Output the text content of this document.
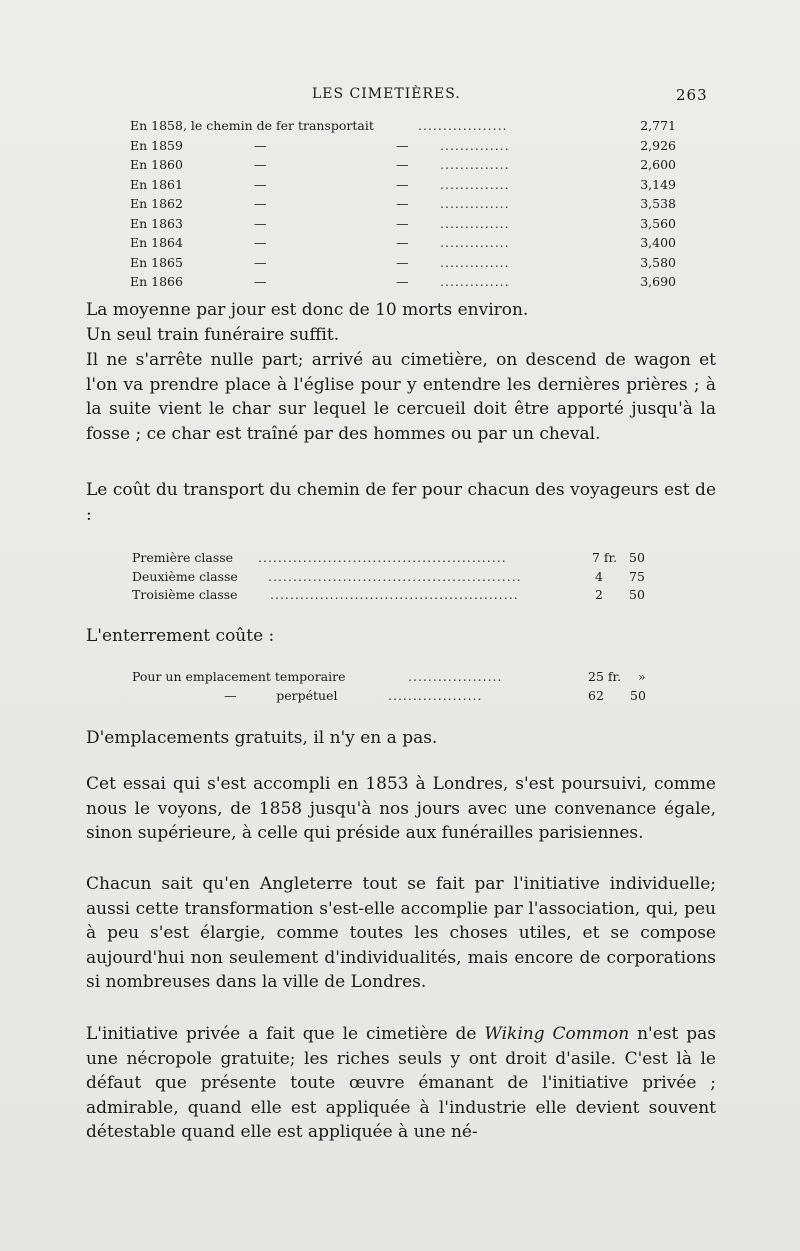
LES CIMETIÈRES.	263
En 1858, le chemin de fer transportait	..................	2,771
En 1859	—	—	..............	2,926
En 1860	—	—	..............	2,600
En 1861	—	—	..............	3,149
En 1862	—	—	..............	3,538
En 1863	—	—	..............	3,560
En 1864	—	—	..............	3,400
En 1865	—	—	..............	3,580
En 1866	—	—	..............	3,690
La moyenne par jour est donc de 10 morts environ.
Un seul train funéraire suffit.
Il ne s'arrête nulle part; arrivé au cimetière, on descend de wagon et l'on va prendre place à l'église pour y entendre les dernières prières ; à la suite vient le char sur lequel le cercueil doit être apporté jusqu'à la fosse ; ce char est traîné par des hommes ou par un cheval.
Le coût du transport du chemin de fer pour chacun des voyageurs est de :
Première classe ..................................................	7 fr. 50
Deuxième classe ...................................................	4 75
Troisième classe	..................................................	2 50
L'enterrement coûte :
Pour un emplacement temporaire	...................	25 fr. »
—          perpétuel	...................	62 50
D'emplacements gratuits, il n'y en a pas.
Cet essai qui s'est accompli en 1853 à Londres, s'est poursuivi, comme nous le voyons, de 1858 jusqu'à nos jours avec une convenance égale, sinon supérieure, à celle qui préside aux funérailles parisiennes.
Chacun sait qu'en Angleterre tout se fait par l'initiative individuelle; aussi cette transformation s'est-elle accomplie par l'association, qui, peu à peu s'est élargie, comme toutes les choses utiles, et se compose aujourd'hui non seulement d'individualités, mais encore de corporations si nombreuses dans la ville de Londres.
L'initiative privée a fait que le cimetière de Wiking Common n'est pas une nécropole gratuite; les riches seuls y ont droit d'asile. C'est là le défaut que présente toute œuvre émanant de l'initiative privée ; admirable, quand elle est appliquée à l'industrie elle devient souvent détestable quand elle est appliquée à une né-
